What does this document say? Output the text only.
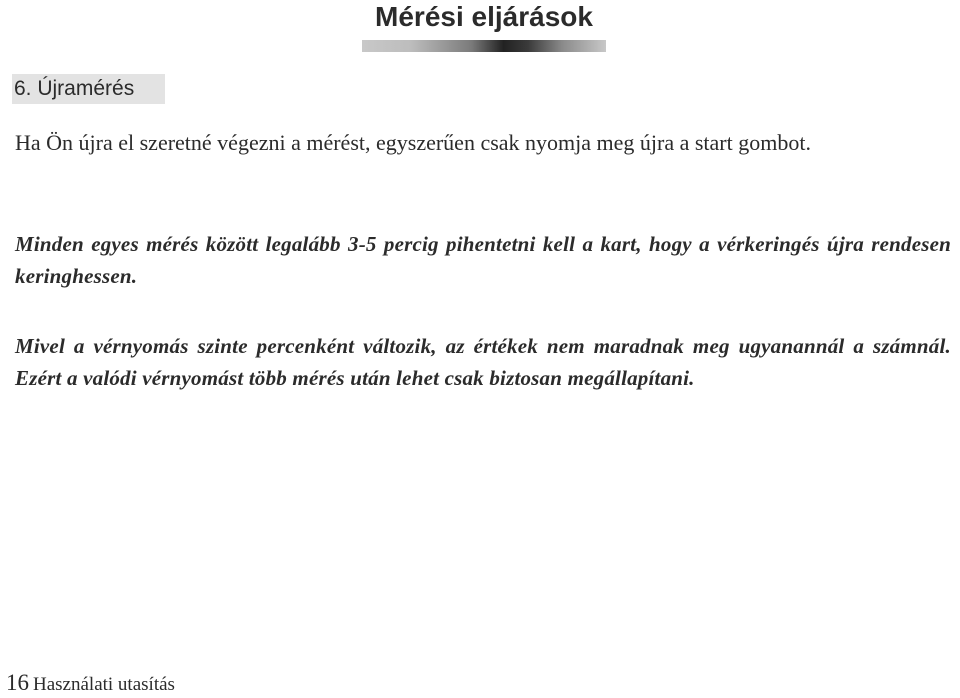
Mérési eljárások
6. Újramérés

Ha Ön újra el szeretné végezni a mérést, egyszerűen csak nyomja meg újra a start gombot.

Minden egyes mérés között legalább 3-5 percig pihentetni kell a kart, hogy a vérkeringés újra rendesen keringhessen.

Mivel a vérnyomás szinte percenként változik, az értékek nem maradnak meg ugyanannál a számnál. Ezért a valódi vérnyomást több mérés után lehet csak biztosan megállapítani.

16 Használati utasítás
